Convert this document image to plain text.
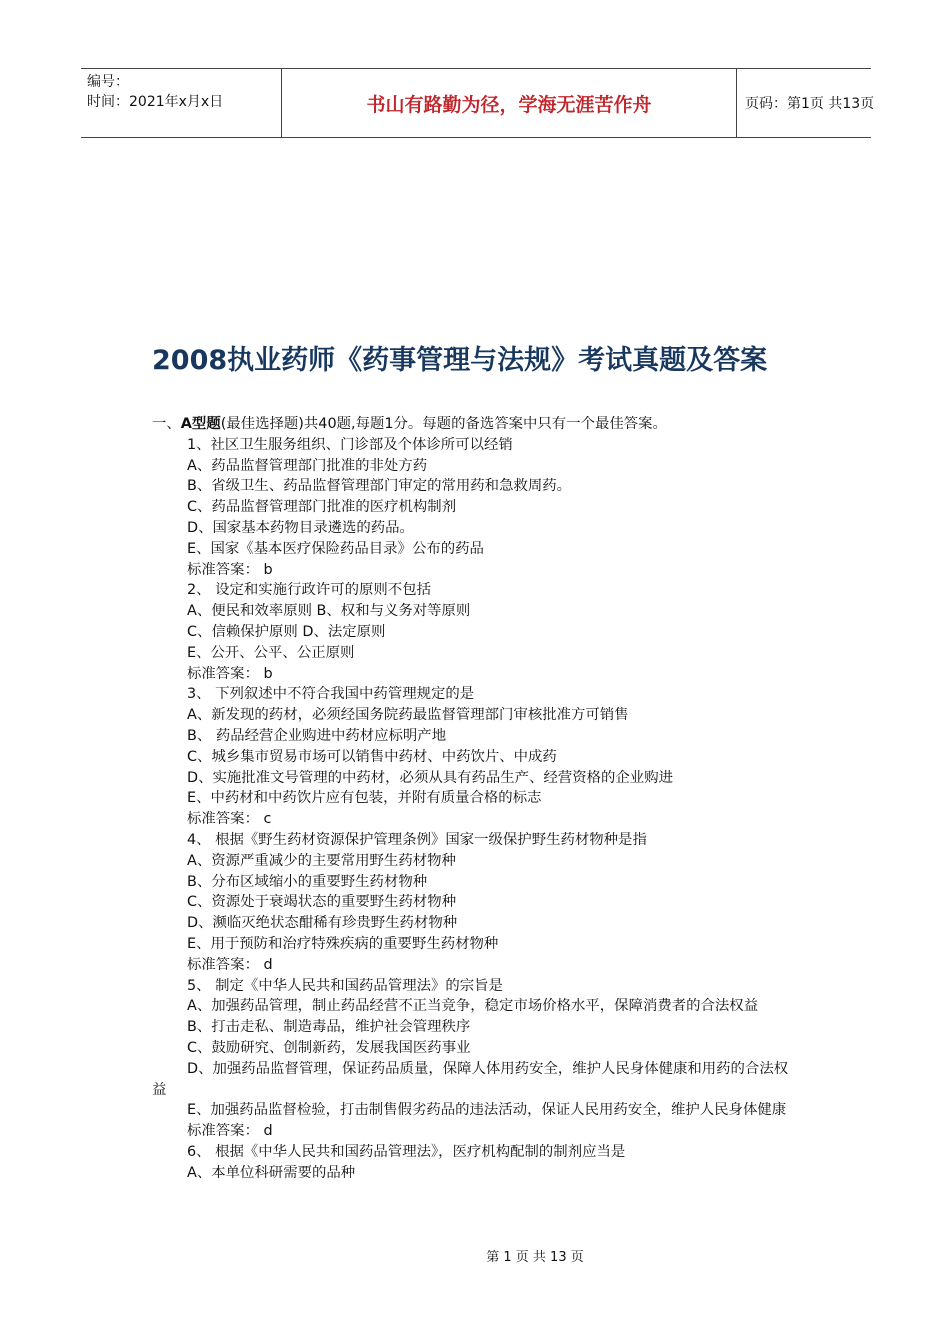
编号：
时间：2021年x月x日	书山有路勤为径，学海无涯苦作舟	页码：第1页 共13页
2008执业药师《药事管理与法规》考试真题及答案
一、A型题(最佳选择题)共40题,每题1分。每题的备选答案中只有一个最佳答案。
1、社区卫生服务组织、门诊部及个体诊所可以经销
A、药品监督管理部门批准的非处方药
B、省级卫生、药品监督管理部门审定的常用药和急救周药。
C、药品监督管理部门批准的医疗机构制剂
D、国家基本药物目录遴选的药品。
E、国家《基本医疗保险药品目录》公布的药品
标准答案： b
2、 设定和实施行政许可的原则不包括
A、便民和效率原则 B、权和与义务对等原则
C、信赖保护原则 D、法定原则
E、公开、公平、公正原则
标准答案： b
3、 下列叙述中不符合我国中药管理规定的是
A、新发现的药材，必须经国务院药最监督管理部门审核批准方可销售
B、 药品经营企业购进中药材应标明产地
C、城乡集市贸易市场可以销售中药材、中药饮片、中成药
D、实施批准文号管理的中药材，必须从具有药品生产、经营资格的企业购进
E、中药材和中药饮片应有包装，并附有质量合格的标志
标准答案： c
4、 根据《野生药材资源保护管理条例》国家一级保护野生药材物种是指
A、资源严重减少的主要常用野生药材物种
B、分布区域缩小的重要野生药材物种
C、资源处于衰竭状态的重要野生药材物种
D、濒临灭绝状态酣稀有珍贵野生药材物种
E、用于预防和治疗特殊疾病的重要野生药材物种
标准答案： d
5、 制定《中华人民共和国药品管理法》的宗旨是
A、加强药品管理，制止药品经营不正当竞争，稳定市场价格水平，保障消费者的合法权益
B、打击走私、制造毒品，维护社会管理秩序
C、鼓励研究、创制新药，发展我国医药事业
D、加强药品监督管理，保证药品质量，保障人体用药安全，维护人民身体健康和用药的合法权益
E、加强药品监督检验，打击制售假劣药品的违法活动，保证人民用药安全，维护人民身体健康
标准答案： d
6、 根据《中华人民共和国药品管理法》，医疗机构配制的制剂应当是
A、本单位科研需要的品种
第 1 页 共 13 页
